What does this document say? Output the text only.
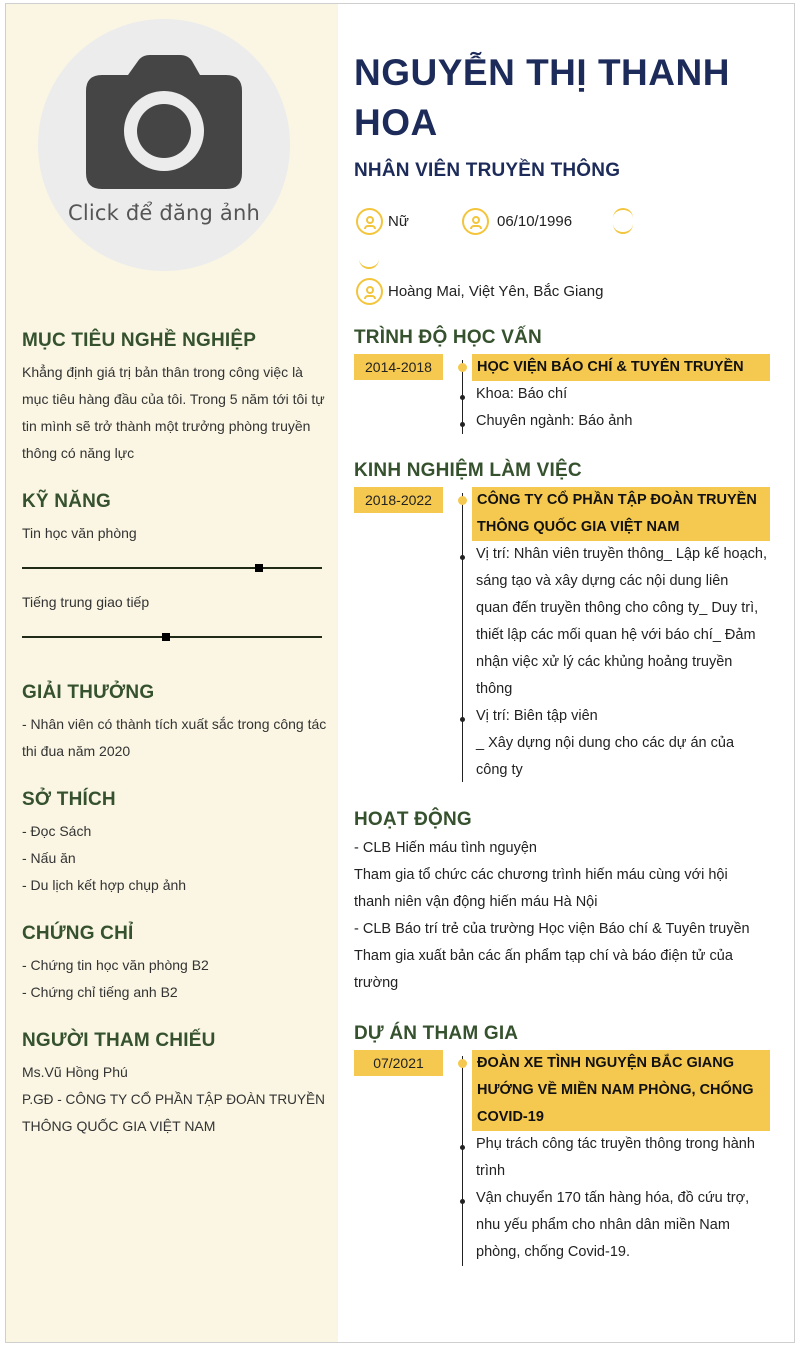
Click để đăng ảnh
MỤC TIÊU NGHỀ NGHIỆP
Khẳng định giá trị bản thân trong công việc là
mục tiêu hàng đầu của tôi. Trong 5 năm tới tôi tự
tin mình sẽ trở thành một trưởng phòng truyền
thông có năng lực
KỸ NĂNG
Tin học văn phòng
Tiếng trung giao tiếp
GIẢI THƯỞNG
- Nhân viên có thành tích xuất sắc trong công tác
thi đua năm 2020
SỞ THÍCH
- Đọc Sách
- Nấu ăn
- Du lịch kết hợp chụp ảnh
CHỨNG CHỈ
- Chứng tin học văn phòng B2
- Chứng chỉ tiếng anh B2
NGƯỜI THAM CHIẾU
Ms.Vũ Hồng Phú
P.GĐ - CÔNG TY CỔ PHẦN TẬP ĐOÀN TRUYỀN
THÔNG QUỐC GIA VIỆT NAM
NGUYỄN THỊ THANH
HOA
NHÂN VIÊN TRUYỀN THÔNG
Nữ	06/10/1996
Hoàng Mai, Việt Yên, Bắc Giang
TRÌNH ĐỘ HỌC VẤN
2014-2018	HỌC VIỆN BÁO CHÍ & TUYÊN TRUYỀN
Khoa: Báo chí
Chuyên ngành: Báo ảnh
KINH NGHIỆM LÀM VIỆC
2018-2022	CÔNG TY CỔ PHẦN TẬP ĐOÀN TRUYỀN
THÔNG QUỐC GIA VIỆT NAM
Vị trí: Nhân viên truyền thông_ Lập kế hoạch,
sáng tạo và xây dựng các nội dung liên
quan đến truyền thông cho công ty_ Duy trì,
thiết lập các mối quan hệ với báo chí_ Đảm
nhận việc xử lý các khủng hoảng truyền
thông
Vị trí: Biên tập viên
_ Xây dựng nội dung cho các dự án của
công ty
HOẠT ĐỘNG
- CLB Hiến máu tình nguyện
Tham gia tổ chức các chương trình hiến máu cùng với hội
thanh niên vận động hiến máu Hà Nội
- CLB Báo trí trẻ của trường Học viện Báo chí & Tuyên truyền
Tham gia xuất bản các ấn phẩm tạp chí và báo điện tử của
trường
DỰ ÁN THAM GIA
07/2021	ĐOÀN XE TÌNH NGUYỆN BẮC GIANG
HƯỚNG VỀ MIỀN NAM PHÒNG, CHỐNG
COVID-19
Phụ trách công tác truyền thông trong hành
trình
Vận chuyển 170 tấn hàng hóa, đồ cứu trợ,
nhu yếu phẩm cho nhân dân miền Nam
phòng, chống Covid-19.
